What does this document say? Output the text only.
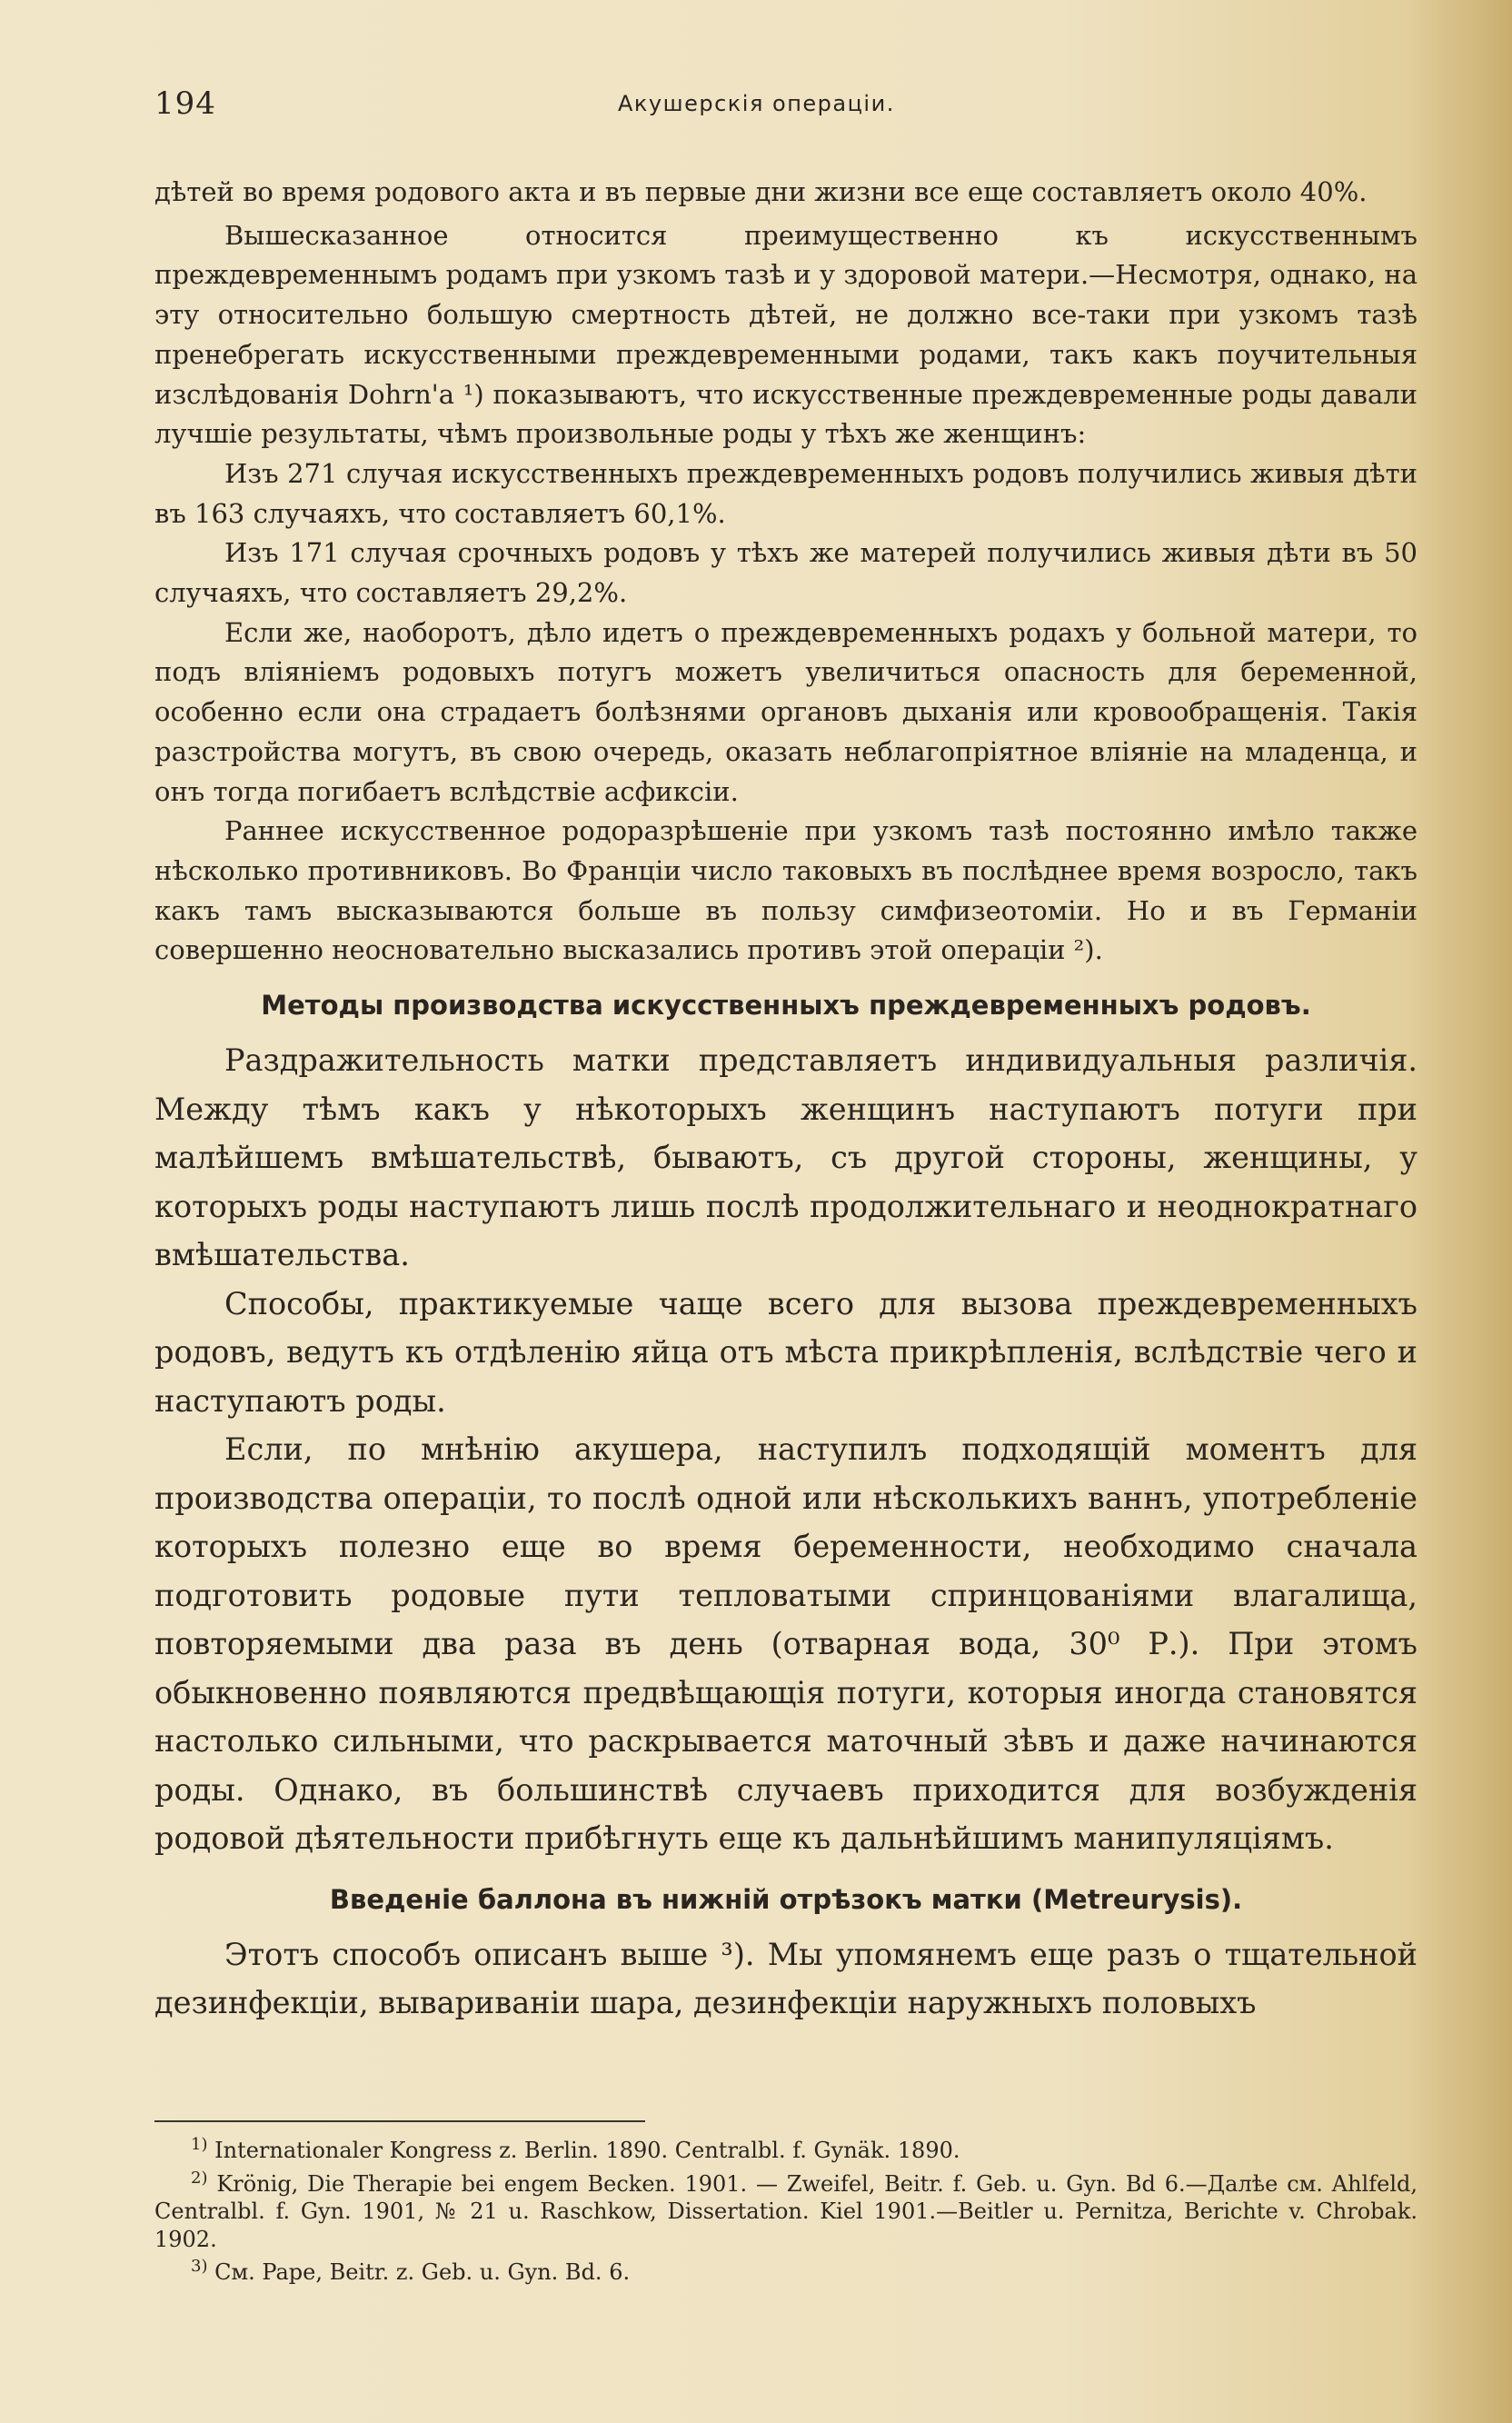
194	Акушерскія операціи.

дѣтей во время родового акта и въ первые дни жизни все еще составляетъ около 40%.

Вышесказанное относится преимущественно къ искусственнымъ преждевременнымъ родамъ при узкомъ тазѣ и у здоровой матери.—Несмотря, однако, на эту относительно большую смертность дѣтей, не должно все-таки при узкомъ тазѣ пренебрегать искусственными преждевременными родами, такъ какъ поучительныя изслѣдованія Dohrn'a ¹) показываютъ, что искусственные преждевременные роды давали лучшіе результаты, чѣмъ произвольные роды у тѣхъ же женщинъ:

Изъ 271 случая искусственныхъ преждевременныхъ родовъ получились живыя дѣти въ 163 случаяхъ, что составляетъ 60,1%.

Изъ 171 случая срочныхъ родовъ у тѣхъ же матерей получились живыя дѣти въ 50 случаяхъ, что составляетъ 29,2%.

Если же, наоборотъ, дѣло идетъ о преждевременныхъ родахъ у больной матери, то подъ вліяніемъ родовыхъ потугъ можетъ увеличиться опасность для беременной, особенно если она страдаетъ болѣзнями органовъ дыханія или кровообращенія. Такія разстройства могутъ, въ свою очередь, оказать неблагопріятное вліяніе на младенца, и онъ тогда погибаетъ вслѣдствіе асфиксіи.

Раннее искусственное родоразрѣшеніе при узкомъ тазѣ постоянно имѣло также нѣсколько противниковъ. Во Франціи число таковыхъ въ послѣднее время возросло, такъ какъ тамъ высказываются больше въ пользу симфизеотоміи. Но и въ Германіи совершенно неосновательно высказались противъ этой операціи ²).

Методы производства искусственныхъ преждевременныхъ родовъ.

Раздражительность матки представляетъ индивидуальныя различія. Между тѣмъ какъ у нѣкоторыхъ женщинъ наступаютъ потуги при малѣйшемъ вмѣшательствѣ, бываютъ, съ другой стороны, женщины, у которыхъ роды наступаютъ лишь послѣ продолжительнаго и неоднократнаго вмѣшательства.

Способы, практикуемые чаще всего для вызова преждевременныхъ родовъ, ведутъ къ отдѣленію яйца отъ мѣста прикрѣпленія, вслѣдствіе чего и наступаютъ роды.

Если, по мнѣнію акушера, наступилъ подходящій моментъ для производства операціи, то послѣ одной или нѣсколькихъ ваннъ, употребленіе которыхъ полезно еще во время беременности, необходимо сначала подготовить родовые пути тепловатыми спринцованіями влагалища, повторяемыми два раза въ день (отварная вода, 30⁰ Р.). При этомъ обыкновенно появляются предвѣщающія потуги, которыя иногда становятся настолько сильными, что раскрывается маточный зѣвъ и даже начинаются роды. Однако, въ большинствѣ случаевъ приходится для возбужденія родовой дѣятельности прибѣгнуть еще къ дальнѣйшимъ манипуляціямъ.

Введеніе баллона въ нижній отрѣзокъ матки (Metreurysis).

Этотъ способъ описанъ выше ³). Мы упомянемъ еще разъ о тщательной дезинфекціи, вывариваніи шара, дезинфекціи наружныхъ половыхъ

$^{1)}$ Internationaler Kongress z. Berlin. 1890. Centralbl. f. Gynäk. 1890.

$^{2)}$ Krönig, Die Therapie bei engem Becken. 1901. — Zweifel, Beitr. f. Geb. u. Gyn. Bd 6.—Далѣе см. Ahlfeld, Centralbl. f. Gyn. 1901, № 21 u. Raschkow, Dissertation. Kiel 1901.—Beitler u. Pernitza, Berichte v. Chrobak. 1902.

$^{3)}$ См. Pape, Beitr. z. Geb. u. Gyn. Bd. 6.
